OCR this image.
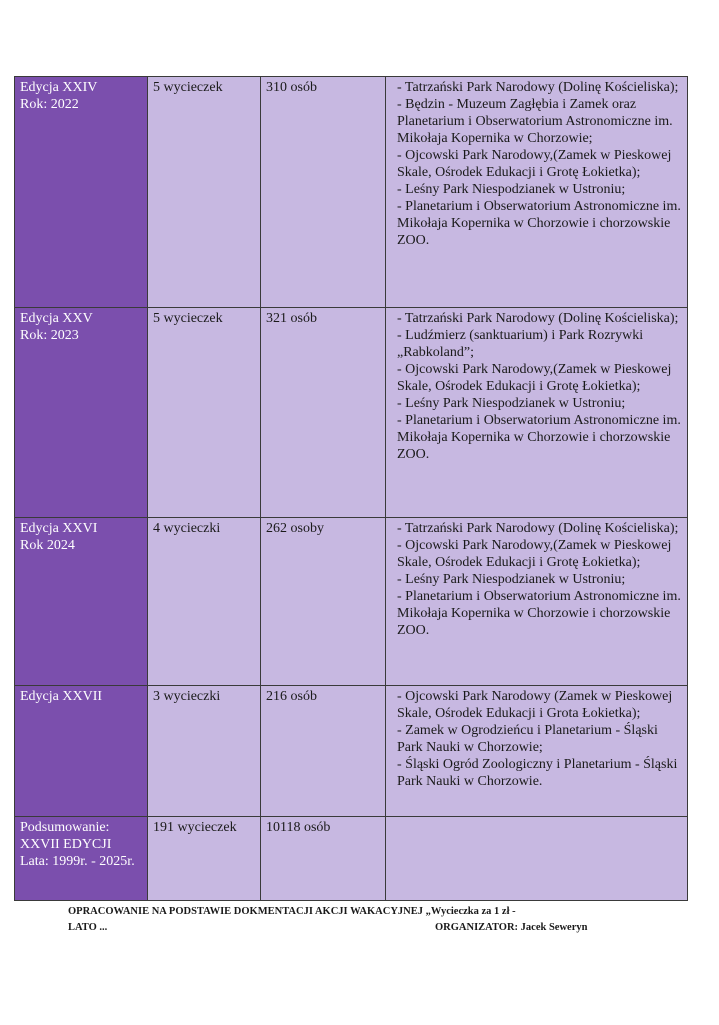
Edycja XXIV
Rok: 2022	5 wycieczek	310 osób	- Tatrzański Park Narodowy (Dolinę Kościeliska);
- Będzin - Muzeum Zagłębia i Zamek oraz Planetarium i Obserwatorium Astronomiczne im. Mikołaja Kopernika w Chorzowie;
- Ojcowski Park Narodowy,(Zamek w Pieskowej Skale, Ośrodek Edukacji i Grotę Łokietka);
- Leśny Park Niespodzianek w Ustroniu;
- Planetarium i Obserwatorium Astronomiczne im. Mikołaja Kopernika w Chorzowie i chorzowskie ZOO.

Edycja XXV
Rok: 2023	5 wycieczek	321 osób	- Tatrzański Park Narodowy (Dolinę Kościeliska);
- Ludźmierz (sanktuarium) i Park Rozrywki „Rabkoland”;
- Ojcowski Park Narodowy,(Zamek w Pieskowej Skale, Ośrodek Edukacji i Grotę Łokietka);
- Leśny Park Niespodzianek w Ustroniu;
- Planetarium i Obserwatorium Astronomiczne im. Mikołaja Kopernika w Chorzowie i chorzowskie ZOO.

Edycja XXVI
Rok 2024	4 wycieczki	262 osoby	- Tatrzański Park Narodowy (Dolinę Kościeliska);
- Ojcowski Park Narodowy,(Zamek w Pieskowej Skale, Ośrodek Edukacji i Grotę Łokietka);
- Leśny Park Niespodzianek w Ustroniu;
- Planetarium i Obserwatorium Astronomiczne im. Mikołaja Kopernika w Chorzowie i chorzowskie ZOO.

Edycja XXVII	3 wycieczki	216 osób	- Ojcowski Park Narodowy (Zamek w Pieskowej Skale, Ośrodek Edukacji i Grota Łokietka);
- Zamek w Ogrodzieńcu i Planetarium - Śląski Park Nauki w Chorzowie;
- Śląski Ogród Zoologiczny i Planetarium - Śląski Park Nauki w Chorzowie.

Podsumowanie: XXVII EDYCJI Lata: 1999r. - 2025r.	191 wycieczek	10118 osób	
OPRACOWANIE NA PODSTAWIE DOKMENTACJI AKCJI WAKACYJNEJ „Wycieczka za 1 zł -
LATO ...	ORGANIZATOR: Jacek Seweryn
